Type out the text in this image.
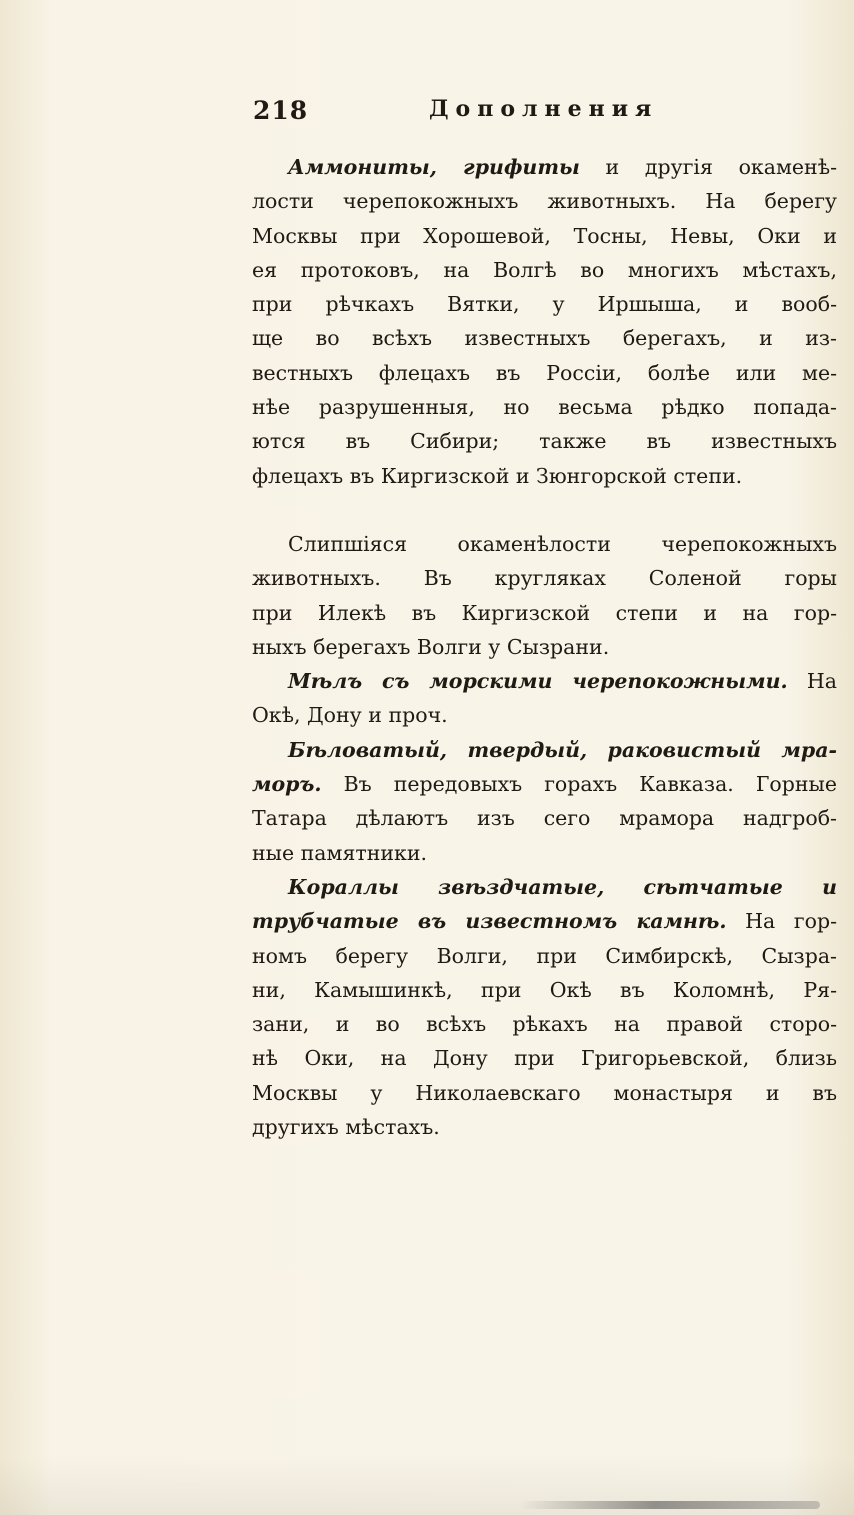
218	Дополнения
Аммониты, грифиты и другія окаменѣ-
лости черепокожныхъ животныхъ. На берегу
Москвы при Хорошевой, Тосны, Невы, Оки и
ея протоковъ, на Волгѣ во многихъ мѣстахъ,
при рѣчкахъ Вятки, у Иршыша, и вооб-
ще во всѣхъ известныхъ берегахъ, и из-
вестныхъ флецахъ въ Россіи, болѣе или ме-
нѣе разрушенныя, но весьма рѣдко попада-
ются въ Сибири; также въ известныхъ
флецахъ въ Киргизской и Зюнгорской степи.
Слипшіяся окаменѣлости черепокожныхъ
животныхъ. Въ кругляках Соленой горы
при Илекѣ въ Киргизской степи и на гор-
ныхъ берегахъ Волги у Сызрани.
Мѣлъ съ морскими черепокожными. На
Окѣ, Дону и проч.
Бѣловатый, твердый, раковистый мра-
моръ. Въ передовыхъ горахъ Кавказа. Горные
Татара дѣлаютъ изъ сего мрамора надгроб-
ные памятники.
Кораллы звѣздчатые, сѣтчатые и
трубчатые въ известномъ камнѣ. На гор-
номъ берегу Волги, при Симбирскѣ, Сызра-
ни, Камышинкѣ, при Окѣ въ Коломнѣ, Ря-
зани, и во всѣхъ рѣкахъ на правой сторо-
нѣ Оки, на Дону при Григорьевской, близь
Москвы у Николаевскаго монастыря и въ
другихъ мѣстахъ.
